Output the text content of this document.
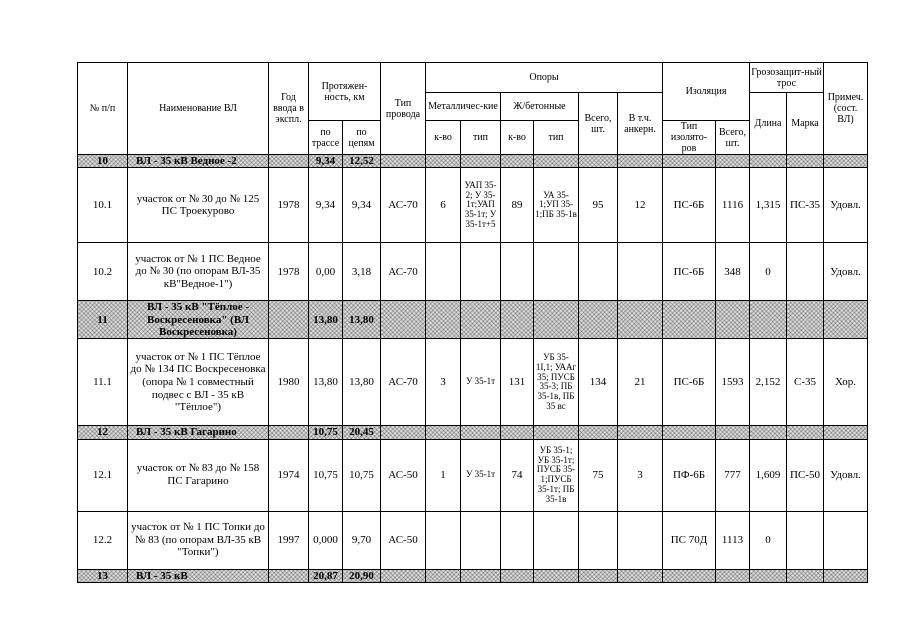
№ п/п	Наименование ВЛ	Год ввода в экспл.	Протяжен-ность, км		Тип провода	Опоры						Изоляция		Грозозащит-ный трос		Примеч. (сост. ВЛ)
						Металличес-кие		Ж/бетонные		Всего, шт.	В т.ч. анкерн.			Длина	Марка	
			по трассе	по цепям		к-во	тип	к-во	тип			Тип изолято-ров	Всего, шт.			
10	ВЛ - 35 кВ Ведное -2		9,34	12,52												
10.1	участок от № 30 до № 125 ПС Троекурово	1978	9,34	9,34	АС-70	6	УАП 35-2; У 35-1т;УАП 35-1т; У 35-1т+5	89	УА 35-1;УП 35-1;ПБ 35-1в	95	12	ПС-6Б	1116	1,315	ПС-35	Удовл.
10.2	участок от № 1 ПС Ведное до № 30 (по опорам ВЛ-35 кВ"Ведное-1")	1978	0,00	3,18	АС-70							ПС-6Б	348	0		Удовл.
11	ВЛ - 35 кВ "Тёплое - Воскресеновка" (ВЛ Воскресеновка)		13,80	13,80												
11.1	участок от № 1 ПС Тёплое до № 134 ПС Воскресеновка (опора № 1 совместный подвес с ВЛ - 35 кВ "Тёплое")	1980	13,80	13,80	АС-70	3	У 35-1т	131	УБ 35-1I,1; УААг 35; ПУСБ 35-3; ПБ 35-1в, ПБ 35 вс	134	21	ПС-6Б	1593	2,152	С-35	Хор.
12	ВЛ - 35 кВ Гагарино		10,75	20,45												
12.1	участок от № 83 до № 158 ПС Гагарино	1974	10,75	10,75	АС-50	1	У 35-1т	74	УБ 35-1; УБ 35-1т; ПУСБ 35-1;ПУСБ 35-1т; ПБ 35-1в	75	3	ПФ-6Б	777	1,609	ПС-50	Удовл.
12.2	участок от № 1 ПС Топки до № 83 (по опорам ВЛ-35 кВ "Топки")	1997	0,000	9,70	АС-50							ПС 70Д	1113	0		
13	ВЛ - 35 кВ		20,87	20,90												
